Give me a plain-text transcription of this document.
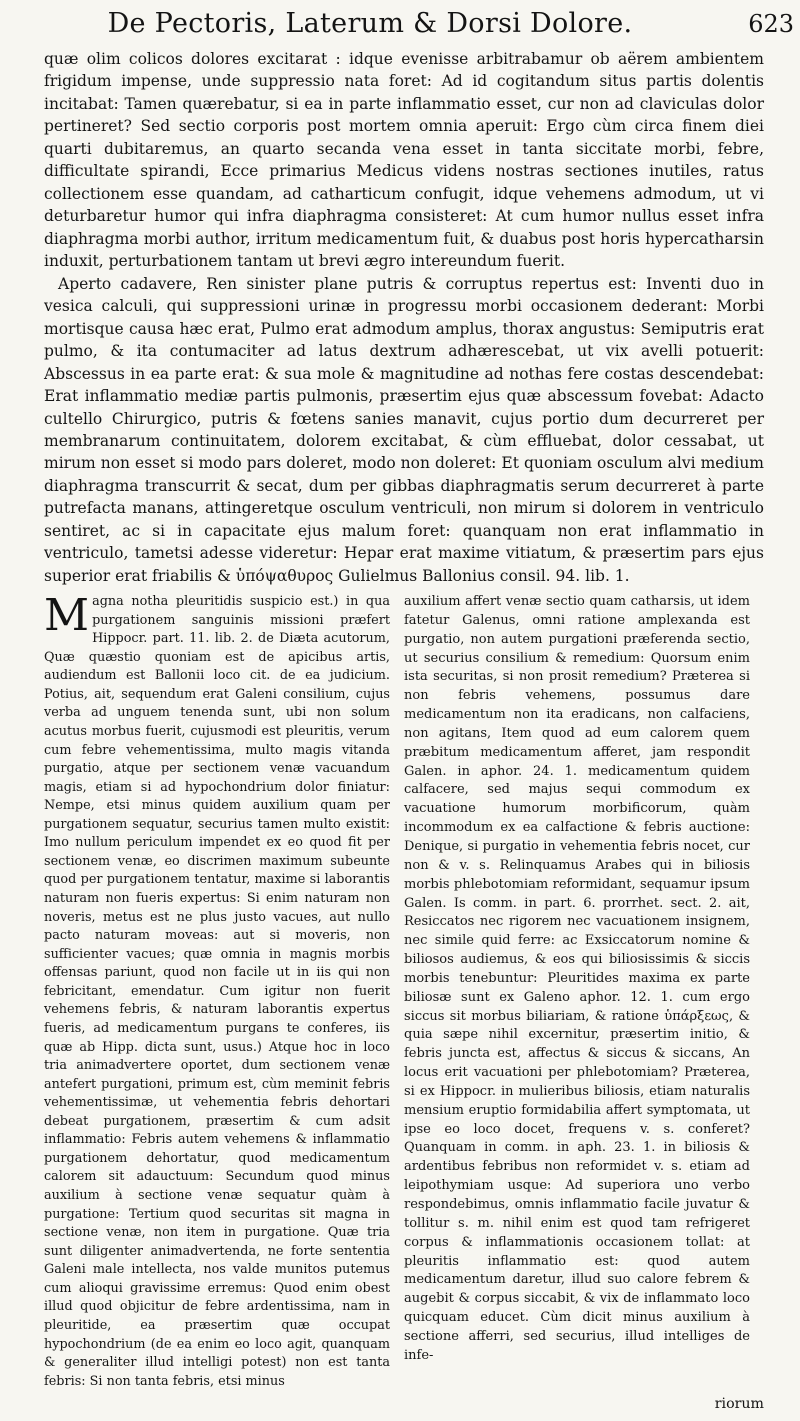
De Pectoris, Laterum & Dorsi Dolore.	623

quæ olim colicos dolores excitarat : idque evenisse arbitrabamur ob aërem ambientem frigidum impense, unde suppressio nata foret: Ad id cogitandum situs partis dolentis incitabat: Tamen quærebatur, si ea in parte inflammatio esset, cur non ad claviculas dolor pertineret? Sed sectio corporis post mortem omnia aperuit: Ergo cùm circa finem diei quarti dubitaremus, an quarto secanda vena esset in tanta siccitate morbi, febre, difficultate spirandi, Ecce primarius Medicus videns nostras sectiones inutiles, ratus collectionem esse quandam, ad catharticum confugit, idque vehemens admodum, ut vi deturbaretur humor qui infra diaphragma consisteret: At cum humor nullus esset infra diaphragma morbi author, irritum medicamentum fuit, & duabus post horis hypercatharsin induxit, perturbationem tantam ut brevi ægro intereundum fuerit.

Aperto cadavere, Ren sinister plane putris & corruptus repertus est: Inventi duo in vesica calculi, qui suppressioni urinæ in progressu morbi occasionem dederant: Morbi mortisque causa hæc erat, Pulmo erat admodum amplus, thorax angustus: Semiputris erat pulmo, & ita contumaciter ad latus dextrum adhærescebat, ut vix avelli potuerit: Abscessus in ea parte erat: & sua mole & magnitudine ad nothas fere costas descendebat: Erat inflammatio mediæ partis pulmonis, præsertim ejus quæ abscessum fovebat: Adacto cultello Chirurgico, putris & fœtens sanies manavit, cujus portio dum decurreret per membranarum continuitatem, dolorem excitabat, & cùm effluebat, dolor cessabat, ut mirum non esset si modo pars doleret, modo non doleret: Et quoniam osculum alvi medium diaphragma transcurrit & secat, dum per gibbas diaphragmatis serum decurreret à parte putrefacta manans, attingeretque osculum ventriculi, non mirum si dolorem in ventriculo sentiret, ac si in capacitate ejus malum foret: quanquam non erat inflammatio in ventriculo, tametsi adesse videretur: Hepar erat maxime vitiatum, & præsertim pars ejus superior erat friabilis & ὑπόψαθυρος Gulielmus Ballonius consil. 94. lib. 1.

Magna notha pleuritidis suspicio est.) in qua purgationem sanguinis missioni præfert Hippocr. part. 11. lib. 2. de Diæta acutorum, Quæ quæstio quoniam est de apicibus artis, audiendum est Ballonii loco cit. de ea judicium. Potius, ait, sequendum erat Galeni consilium, cujus verba ad unguem tenenda sunt, ubi non solum acutus morbus fuerit, cujusmodi est pleuritis, verum cum febre vehementissima, multo magis vitanda purgatio, atque per sectionem venæ vacuandum magis, etiam si ad hypochondrium dolor finiatur: Nempe, etsi minus quidem auxilium quam per purgationem sequatur, securius tamen multo existit: Imo nullum periculum impendet ex eo quod fit per sectionem venæ, eo discrimen maximum subeunte quod per purgationem tentatur, maxime si laborantis naturam non fueris expertus: Si enim naturam non noveris, metus est ne plus justo vacues, aut nullo pacto naturam moveas: aut si moveris, non sufficienter vacues; quæ omnia in magnis morbis offensas pariunt, quod non facile ut in iis qui non febricitant, emendatur. Cum igitur non fuerit vehemens febris, & naturam laborantis expertus fueris, ad medicamentum purgans te conferes, iis quæ ab Hipp. dicta sunt, usus.) Atque hoc in loco tria animadvertere oportet, dum sectionem venæ antefert purgationi, primum est, cùm meminit febris vehementissimæ, ut vehementia febris dehortari debeat purgationem, præsertim & cum adsit inflammatio: Febris autem vehemens & inflammatio purgationem dehortatur, quod medicamentum calorem sit adauctuum: Secundum quod minus auxilium à sectione venæ sequatur quàm à purgatione: Tertium quod securitas sit magna in sectione venæ, non item in purgatione. Quæ tria sunt diligenter animadvertenda, ne forte sententia Galeni male intellecta, nos valde munitos putemus cum alioqui gravissime erremus: Quod enim obest illud quod objicitur de febre ardentissima, nam in pleuritide, ea præsertim quæ occupat hypochondrium (de ea enim eo loco agit, quanquam & generaliter illud intelligi potest) non est tanta febris: Si non tanta febris, etsi minus

auxilium affert venæ sectio quam catharsis, ut idem fatetur Galenus, omni ratione amplexanda est purgatio, non autem purgationi præferenda sectio, ut securius consilium & remedium: Quorsum enim ista securitas, si non prosit remedium? Præterea si non febris vehemens, possumus dare medicamentum non ita eradicans, non calfaciens, non agitans, Item quod ad eum calorem quem præbitum medicamentum afferet, jam respondit Galen. in aphor. 24. 1. medicamentum quidem calfacere, sed majus sequi commodum ex vacuatione humorum morbificorum, quàm incommodum ex ea calfactione & febris auctione: Denique, si purgatio in vehementia febris nocet, cur non & v. s. Relinquamus Arabes qui in biliosis morbis phlebotomiam reformidant, sequamur ipsum Galen. Is comm. in part. 6. prorrhet. sect. 2. ait, Resiccatos nec rigorem nec vacuationem insignem, nec simile quid ferre: ac Exsiccatorum nomine & biliosos audiemus, & eos qui biliosissimis & siccis morbis tenebuntur: Pleuritides maxima ex parte biliosæ sunt ex Galeno aphor. 12. 1. cum ergo siccus sit morbus biliariam, & ratione ὑπάρξεως, & quia sæpe nihil excernitur, præsertim initio, & febris juncta est, affectus & siccus & siccans, An locus erit vacuationi per phlebotomiam? Præterea, si ex Hippocr. in mulieribus biliosis, etiam naturalis mensium eruptio formidabilia affert symptomata, ut ipse eo loco docet, frequens v. s. conferet? Quanquam in comm. in aph. 23. 1. in biliosis & ardentibus febribus non reformidet v. s. etiam ad leipothymiam usque: Ad superiora uno verbo respondebimus, omnis inflammatio facile juvatur & tollitur s. m. nihil enim est quod tam refrigeret corpus & inflammationis occasionem tollat: at pleuritis inflammatio est: quod autem medicamentum daretur, illud suo calore febrem & augebit & corpus siccabit, & vix de inflammato loco quicquam educet. Cùm dicit minus auxilium à sectione afferri, sed securius, illud intelliges de infe-

riorum
